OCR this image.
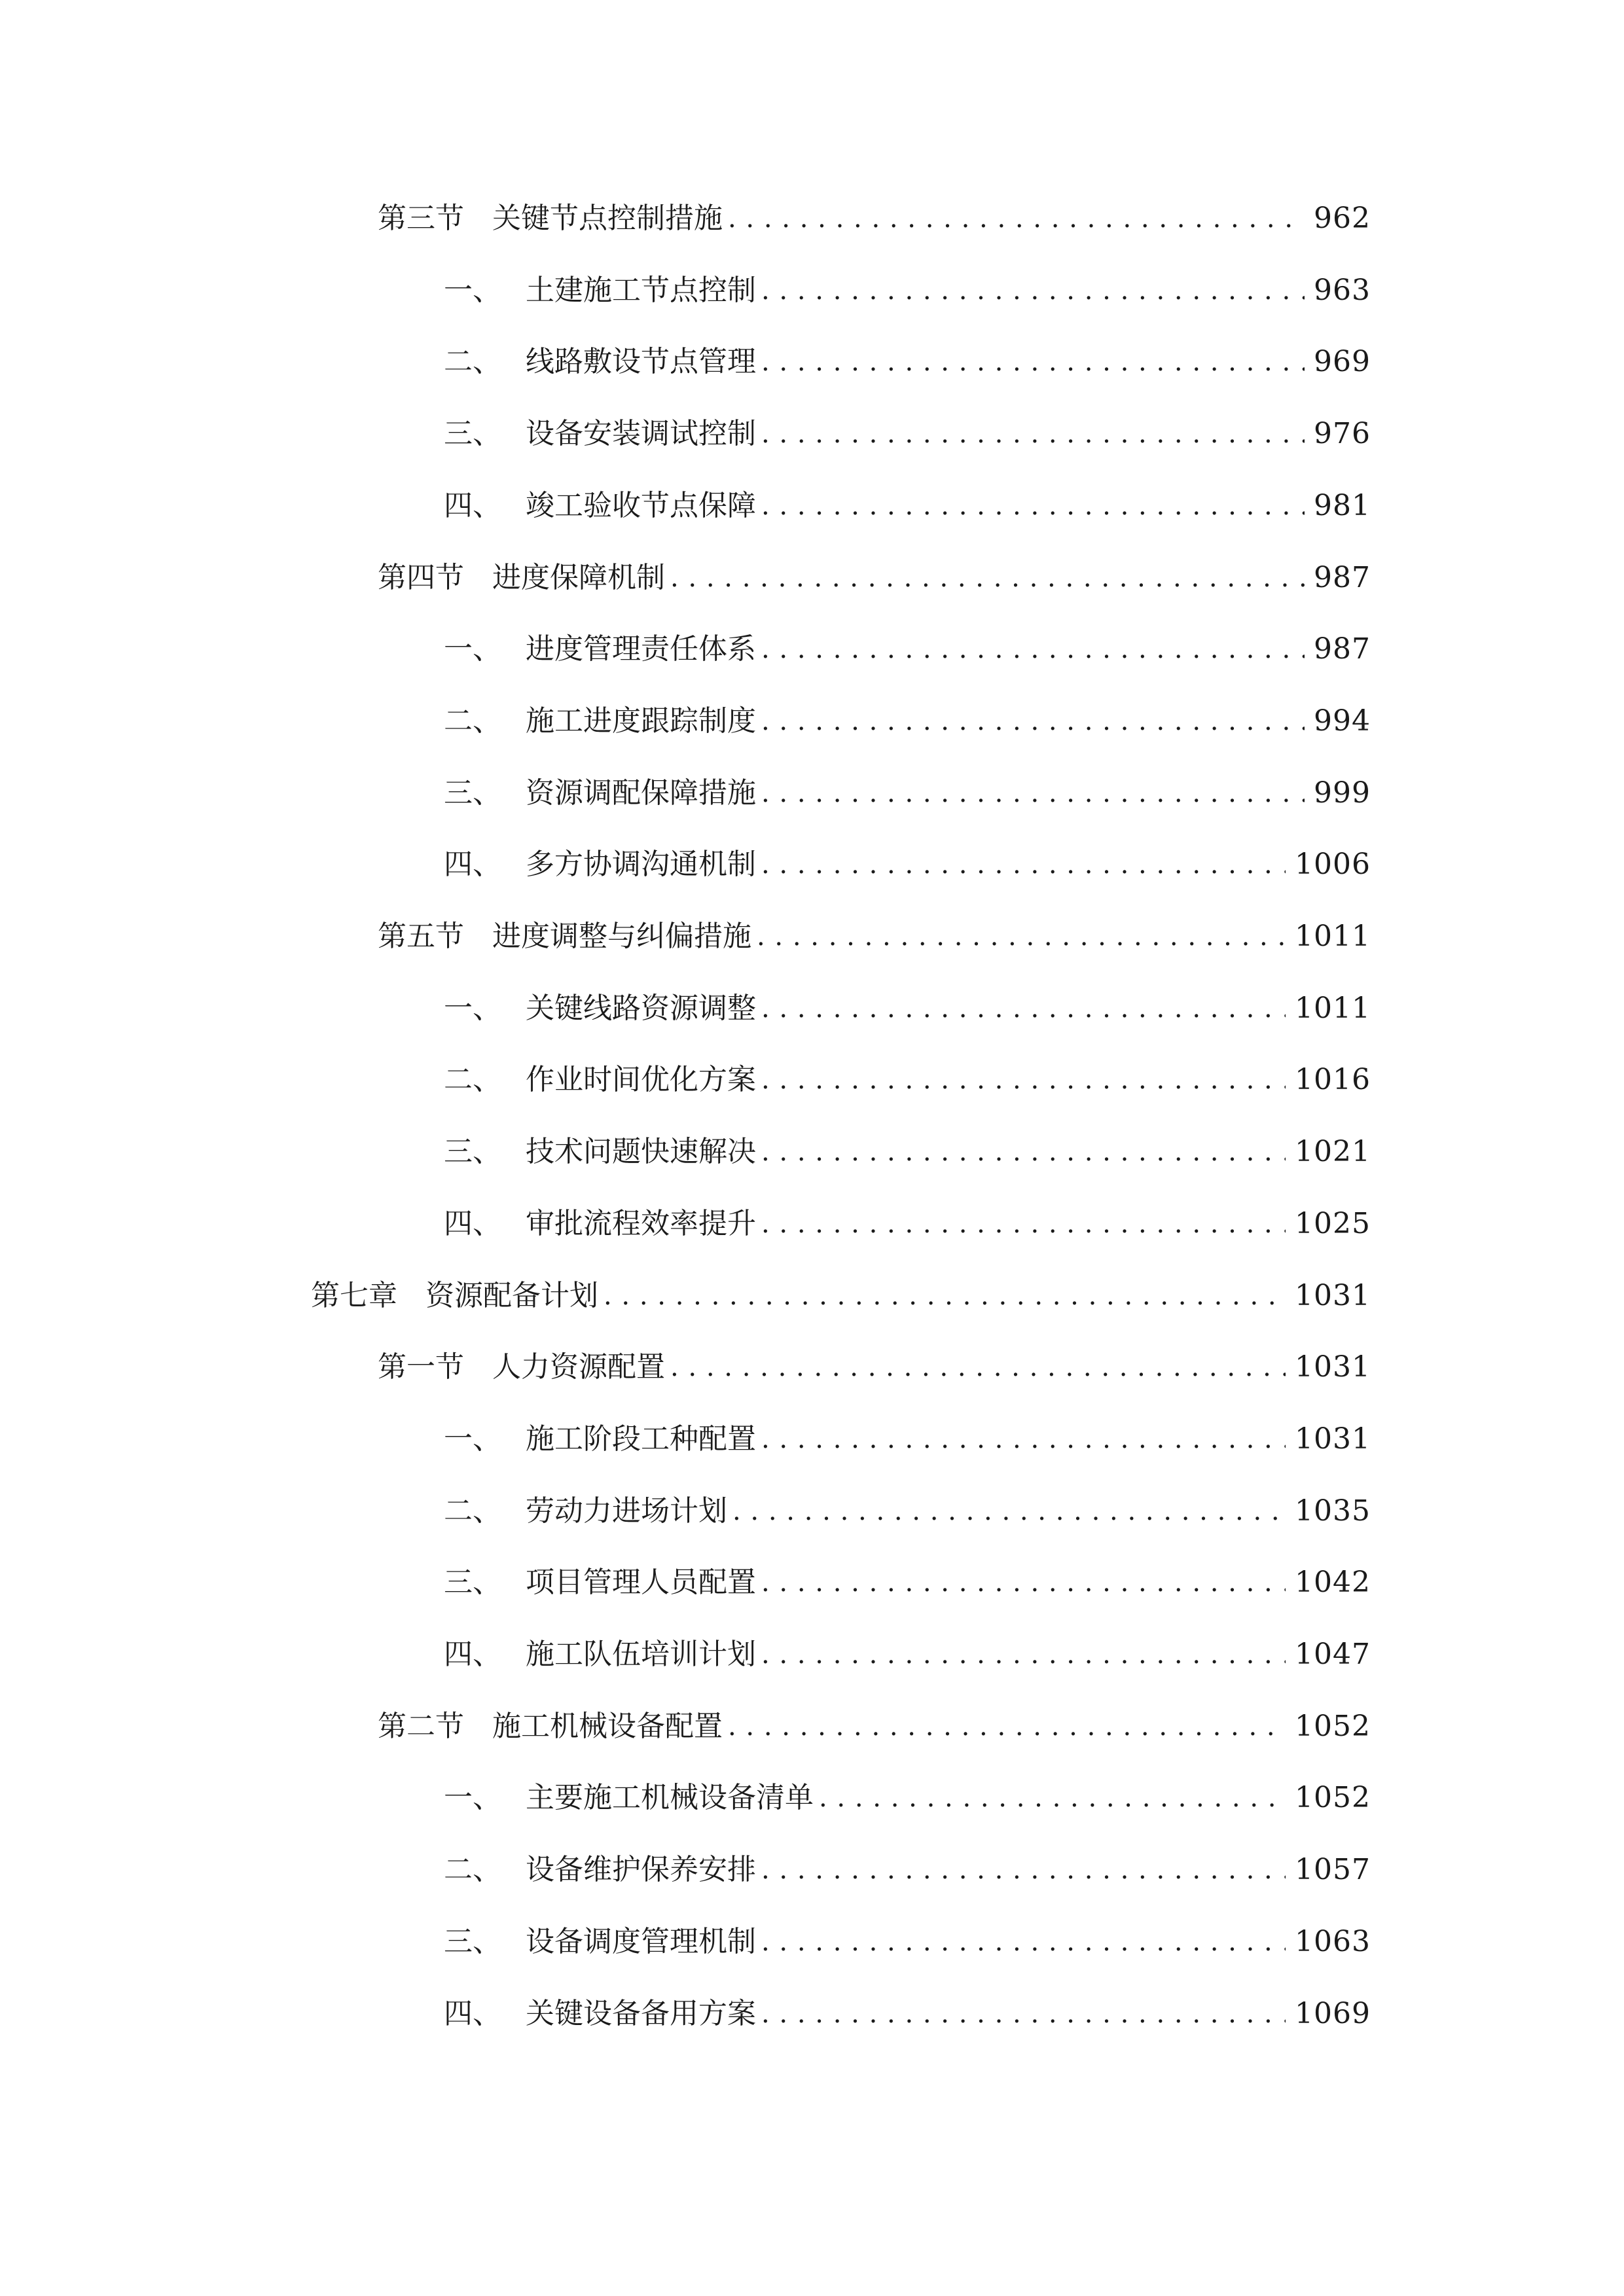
第三节 关键节点控制措施 . . .	962
一、 土建施工节点控制 . . .	963
二、 线路敷设节点管理 . . .	969
三、 设备安装调试控制 . . .	976
四、 竣工验收节点保障 . . .	981
第四节 进度保障机制 . . .	987
一、 进度管理责任体系 . . .	987
二、 施工进度跟踪制度 . . .	994
三、 资源调配保障措施 . . .	999
四、 多方协调沟通机制 . . .	1006
第五节 进度调整与纠偏措施 . . .	1011
一、 关键线路资源调整 . . .	1011
二、 作业时间优化方案 . . .	1016
三、 技术问题快速解决 . . .	1021
四、 审批流程效率提升 . . .	1025
第七章 资源配备计划 . . .	1031
第一节 人力资源配置 . . .	1031
一、 施工阶段工种配置 . . .	1031
二、 劳动力进场计划 . . .	1035
三、 项目管理人员配置 . . .	1042
四、 施工队伍培训计划 . . .	1047
第二节 施工机械设备配置 . . .	1052
一、 主要施工机械设备清单 . . .	1052
二、 设备维护保养安排 . . .	1057
三、 设备调度管理机制 . . .	1063
四、 关键设备备用方案 . . .	1069
